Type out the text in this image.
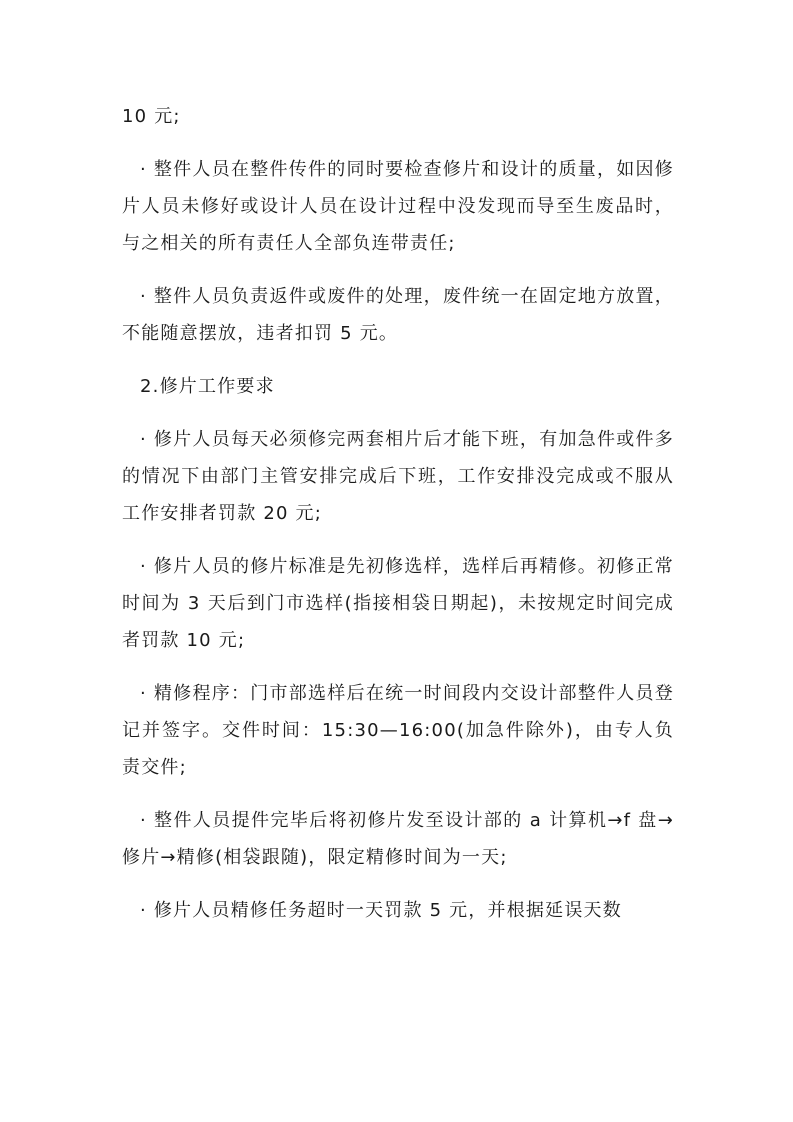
10 元;

· 整件人员在整件传件的同时要检查修片和设计的质量，如因修片人员未修好或设计人员在设计过程中没发现而导至生废品时，与之相关的所有责任人全部负连带责任;

· 整件人员负责返件或废件的处理，废件统一在固定地方放置，不能随意摆放，违者扣罚 5 元。

2.修片工作要求

· 修片人员每天必须修完两套相片后才能下班，有加急件或件多的情况下由部门主管安排完成后下班，工作安排没完成或不服从工作安排者罚款 20 元;

· 修片人员的修片标准是先初修选样，选样后再精修。初修正常时间为 3 天后到门市选样(指接相袋日期起)，未按规定时间完成者罚款 10 元;

· 精修程序：门市部选样后在统一时间段内交设计部整件人员登记并签字。交件时间：15:30—16:00(加急件除外)，由专人负责交件;

· 整件人员提件完毕后将初修片发至设计部的 a 计算机→f 盘→修片→精修(相袋跟随)，限定精修时间为一天;

· 修片人员精修任务超时一天罚款 5 元，并根据延误天数
